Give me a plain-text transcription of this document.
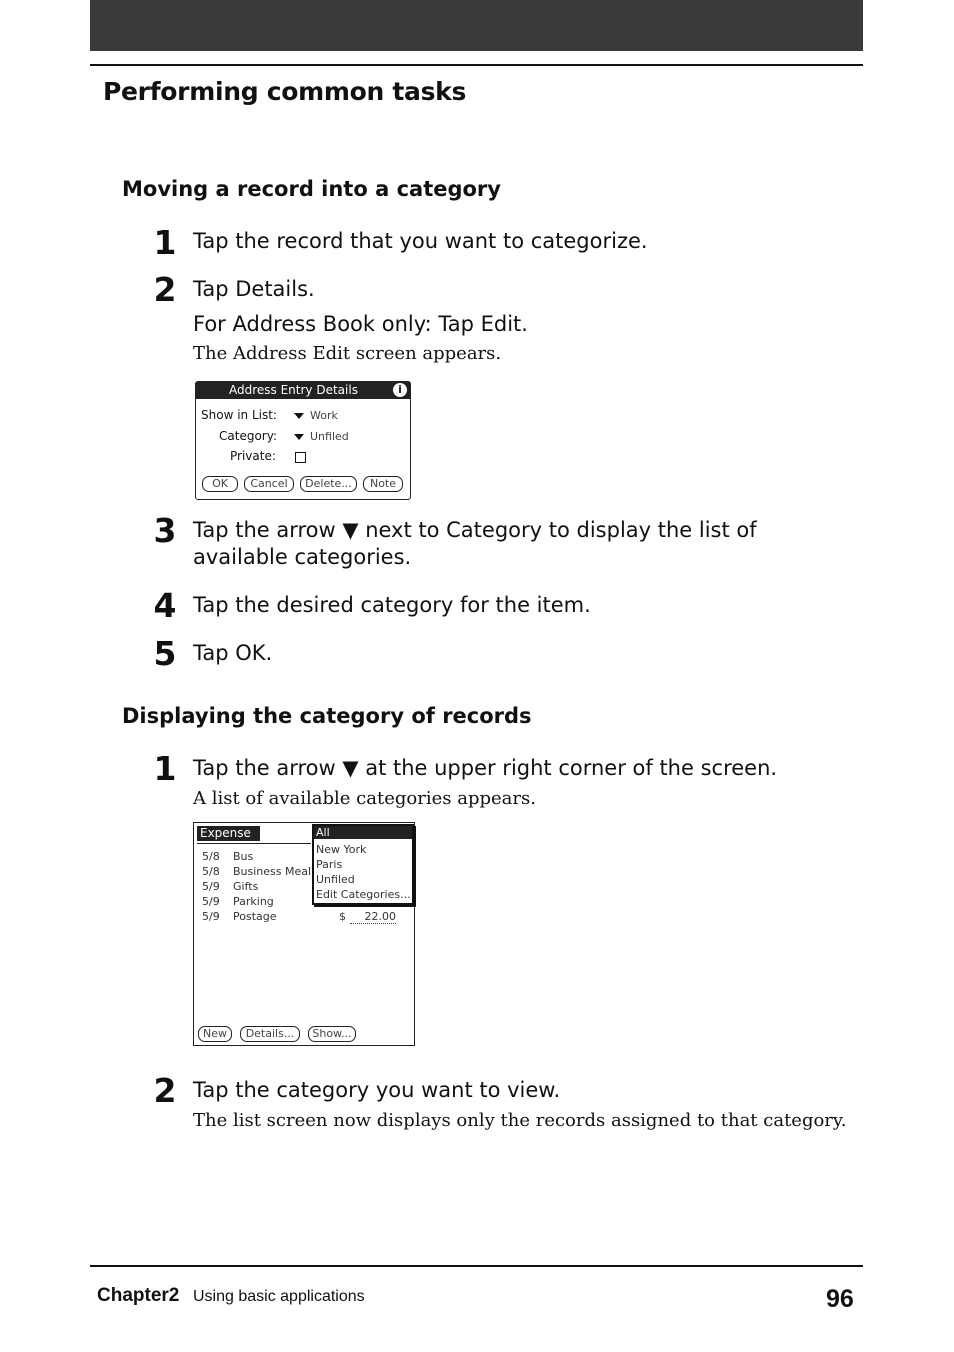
Performing common tasks
Moving a record into a category
1 Tap the record that you want to categorize.
2 Tap Details.
For Address Book only: Tap Edit.
The Address Edit screen appears.
Address Entry Details	i
Show in List:	Work
Category:	Unfiled
Private:
OK	Cancel	Delete...	Note
3 Tap the arrow ▼ next to Category to display the list of available categories.
4 Tap the desired category for the item.
5 Tap OK.
Displaying the category of records
1 Tap the arrow ▼ at the upper right corner of the screen.
A list of available categories appears.
Expense
5/8 Bus
5/8 Business Meal
5/9 Gifts
5/9 Parking
5/9 Postage	$ 22.00
All
New York
Paris
Unfiled
Edit Categories...
New	Details...	Show...
2 Tap the category you want to view.
The list screen now displays only the records assigned to that category.
Chapter2 Using basic applications	96
